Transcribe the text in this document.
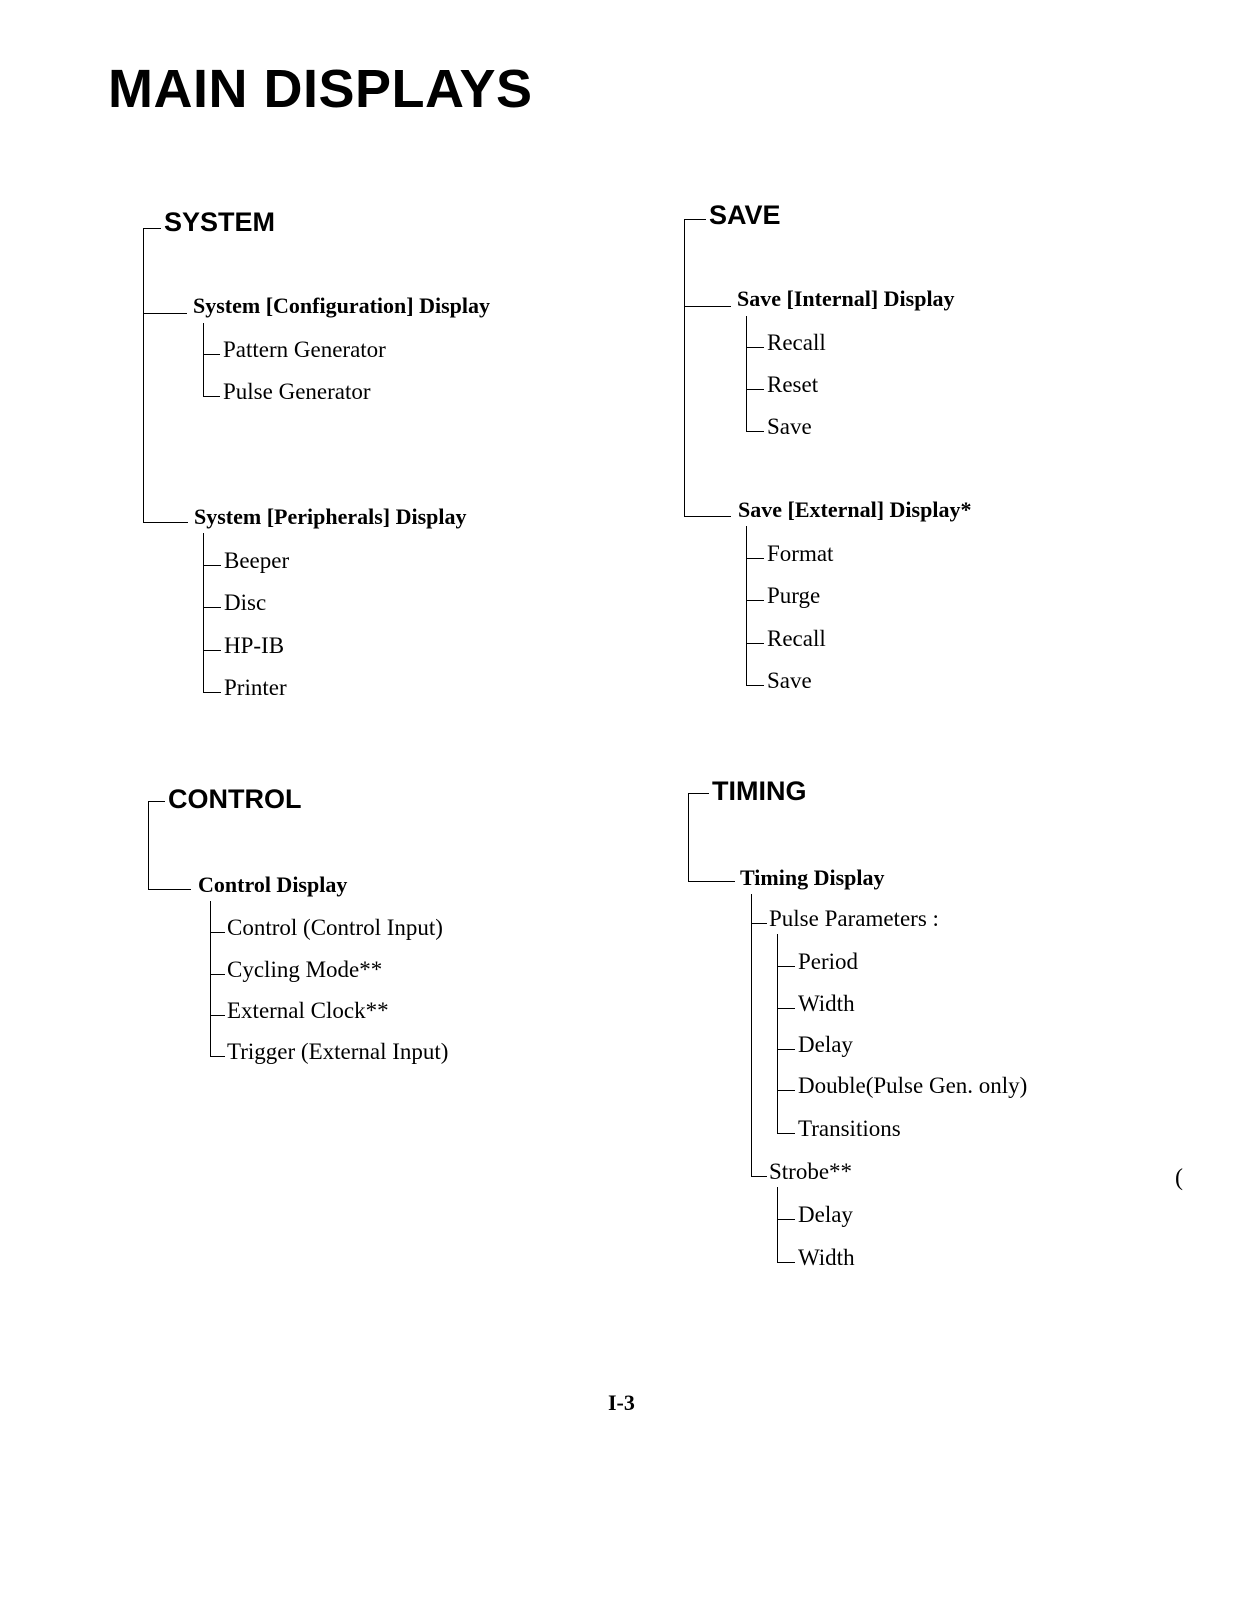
MAIN DISPLAYS
SYSTEM
System [Configuration] Display
Pattern Generator
Pulse Generator
System [Peripherals] Display
Beeper
Disc
HP-IB
Printer
SAVE
Save [Internal] Display
Recall
Reset
Save
Save [External] Display*
Format
Purge
Recall
Save
CONTROL
Control Display
Control (Control Input)
Cycling Mode**
External Clock**
Trigger (External Input)
TIMING
Timing Display
Pulse Parameters :
Period
Width
Delay
Double(Pulse Gen. only)
Transitions
Strobe**
Delay
Width
(
I-3
